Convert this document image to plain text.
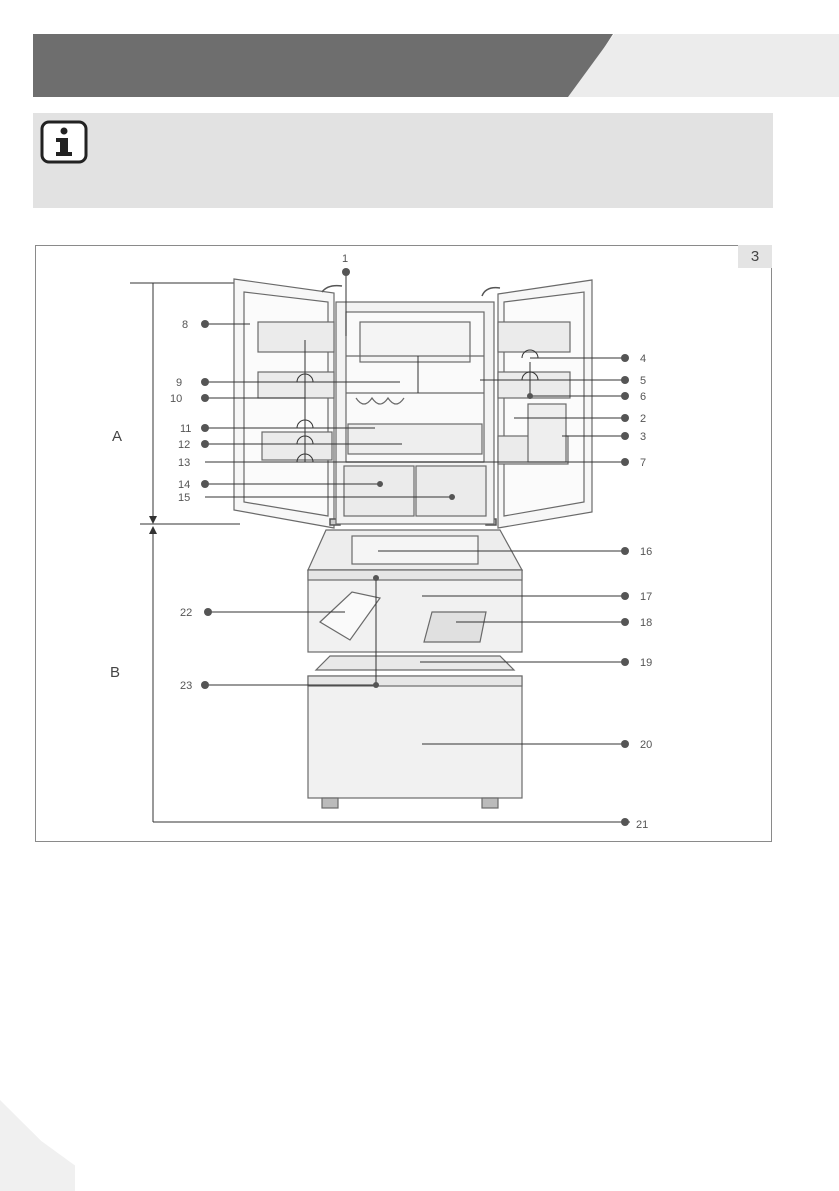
3
A
B
1
2
3
4
5
6
7
8
9
10
11
12
13
14
15
16
17
18
19
20
21
22
23
